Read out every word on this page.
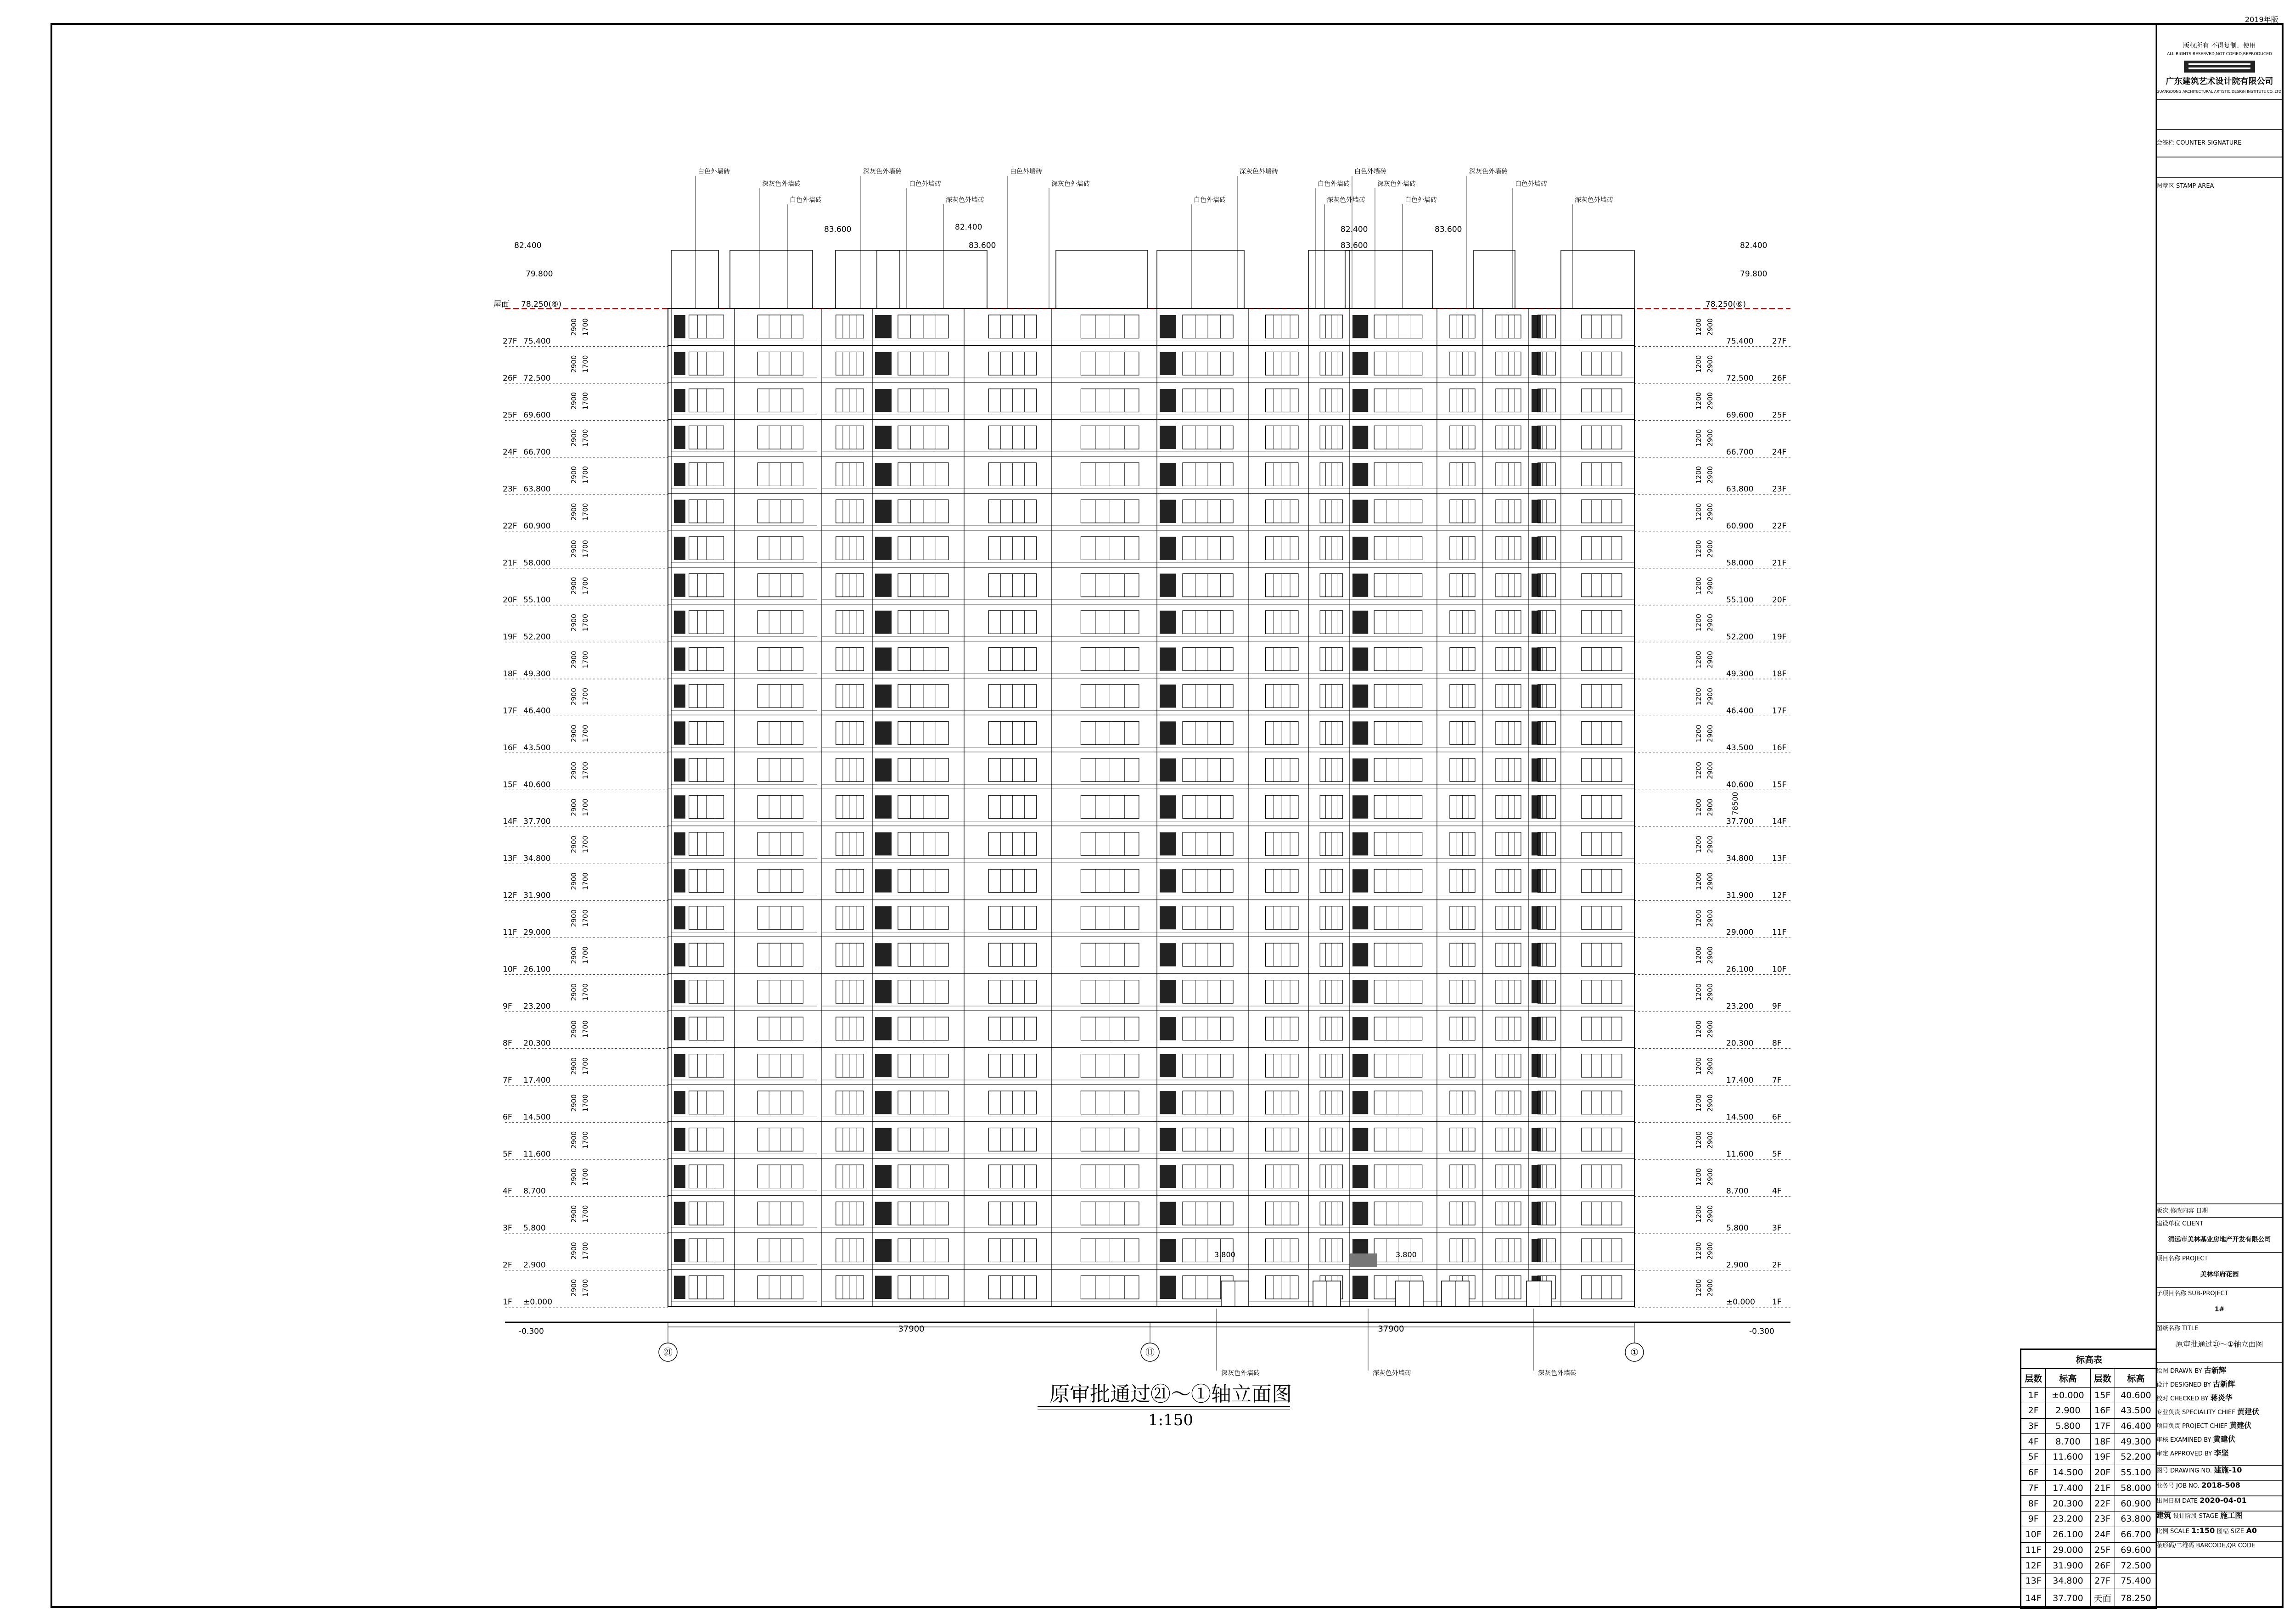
1F ±0.000	±0.000 1F
2F 2.900	2.900	2F
3F 5.800	5.800	3F
4F 8.700	8.700	4F
5F 11.600	11.600 5F
6F 14.500	14.500 6F
7F 17.400	17.400 7F
8F 20.300	20.300 8F
9F 23.200	23.200 9F
10F 26.100	26.100 10F
11F 29.000	29.000 11F
12F 31.900	31.900 12F
13F 34.800	34.800 13F
14F 37.700	37.700 14F
15F 40.600	40.600 15F
16F 43.500	43.500 16F
17F 46.400	46.400 17F
18F 49.300	49.300 18F
19F 52.200	52.200 19F
20F 55.100	55.100 20F
21F 58.000	58.000 21F
22F 60.900	60.900 22F
23F 63.800	63.800 23F
24F 66.700	66.700 24F
25F 69.600	69.600 25F
26F 72.500	72.500 26F
27F 75.400	75.400 27F
屋面 78.250(⑥)	78.250(⑥)
79.800
82.400
79.800
82.400
-0.300	-0.300
83.600	82.400
83.600
82.400
83.600
83.600
2900 1700	1200 2900
2900 1700	1200 2900
2900 1700	1200 2900
2900 1700	1200 2900
2900 1700	1200 2900
2900 1700	1200 2900
2900 1700	1200 2900
2900 1700	1200 2900
2900 1700	1200 2900
2900 1700	1200 2900
2900 1700	1200 2900
2900 1700	1200 2900
2900 1700	1200 2900
2900 1700	1200 2900
2900 1700	1200 2900
2900 1700	1200 2900
2900 1700	1200 2900
2900 1700	1200 2900
2900 1700	1200 2900
2900 1700	1200 2900
2900 1700	1200 2900
2900 1700	1200 2900
2900 1700	1200 2900
2900 1700	1200 2900
2900 1700	1200 2900
2900 1700	1200 2900
2900 1700	1200 2900
78500
37900	37900
㉑	⑪	①
白色外墙砖
深灰色外墙砖
白色外墙砖
深灰色外墙砖
白色外墙砖
深灰色外墙砖
白色外墙砖
深灰色外墙砖
白色外墙砖
深灰色外墙砖
白色外墙砖
深灰色外墙砖
白色外墙砖
深灰色外墙砖
白色外墙砖
深灰色外墙砖
白色外墙砖
深灰色外墙砖
深灰色外墙砖	深灰色外墙砖	深灰色外墙砖
3.800	3.800
2019年版
原审批通过㉑～①轴立面图1:150
版权所有 不得复制、使用
ALL RIGHTS RESERVED,NOT COPIED,REPRODUCED
广东建筑艺术设计院有限公司
GUANGDONG ARCHITECTURAL ARTISTIC DESIGN INSTITUTE CO.,LTD.
会签栏 COUNTER SIGNATURE
图章区 STAMP AREA
版次 修改内容 日期
建设单位 CLIENT
清远市美林基业房地产开发有限公司
项目名称 PROJECT
美林华府花园
子项目名称 SUB-PROJECT
1#
图纸名称 TITLE
原审批通过㉑～①轴立面图
绘图 DRAWN BY 古新辉
设计 DESIGNED BY 古新辉
校对 CHECKED BY 蒋炎华
专业负责 SPECIALITY CHIEF 黄建伏
项目负责 PROJECT CHIEF 黄建伏
审核 EXAMINED BY 黄建伏
审定 APPROVED BY 李坚
图号 DRAWING NO. 建施-10
业务号 JOB NO. 2018-508
出图日期 DATE 2020-04-01
建筑 设计阶段 STAGE 施工图
比例 SCALE 1:150 图幅 SIZE A0
条形码/二维码 BARCODE,QR CODE
标高表			
层数	标高	层数	标高
1F	±0.000	15F	40.600
2F	2.900	16F	43.500
3F	5.800	17F	46.400
4F	8.700	18F	49.300
5F	11.600	19F	52.200
6F	14.500	20F	55.100
7F	17.400	21F	58.000
8F	20.300	22F	60.900
9F	23.200	23F	63.800
10F	26.100	24F	66.700
11F	29.000	25F	69.600
12F	31.900	26F	72.500
13F	34.800	27F	75.400
14F	37.700	天面	78.250
